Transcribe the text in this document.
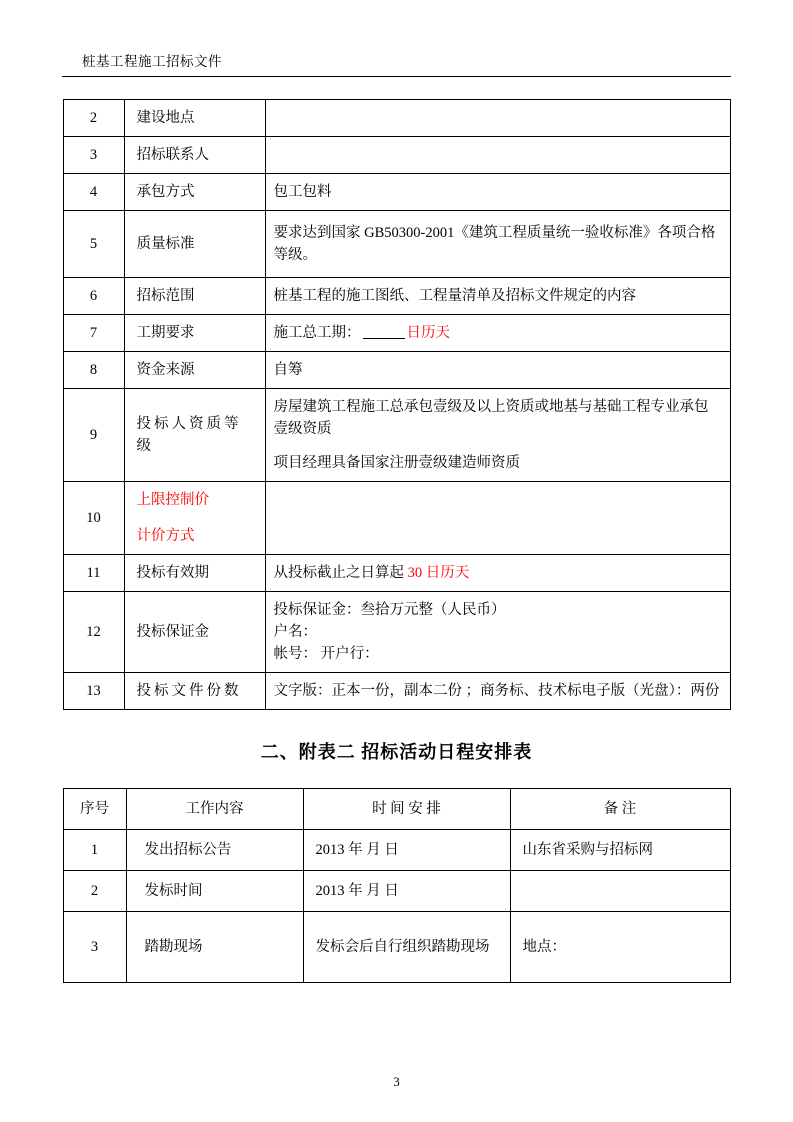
桩基工程施工招标文件
2	建设地点	
3	招标联系人	
4	承包方式	包工包料
5	质量标准	要求达到国家 GB50300-2001《建筑工程质量统一验收标准》各项合格等级。
6	招标范围	桩基工程的施工图纸、工程量清单及招标文件规定的内容
7	工期要求	施工总工期： 日历天
8	资金来源	自筹
9	投标人资质等级	房屋建筑工程施工总承包壹级及以上资质或地基与基础工程专业承包壹级资质
项目经理具备国家注册壹级建造师资质

10	上限控制价
计价方式	

11	投标有效期	从投标截止之日算起 30 日历天
12	投标保证金	投标保证金：叁拾万元整（人民币）
户名：
帐号： 开户行：

13	投标文件份数	文字版：正本一份，副本二份 ；商务标、技术标电子版（光盘）：两份
二、附表二 招标活动日程安排表
序号	工作内容	时 间 安 排	备 注
1	发出招标公告	2013 年 月 日	山东省采购与招标网
2	发标时间	2013 年 月 日	
3	踏勘现场	发标会后自行组织踏勘现场	地点：
3
